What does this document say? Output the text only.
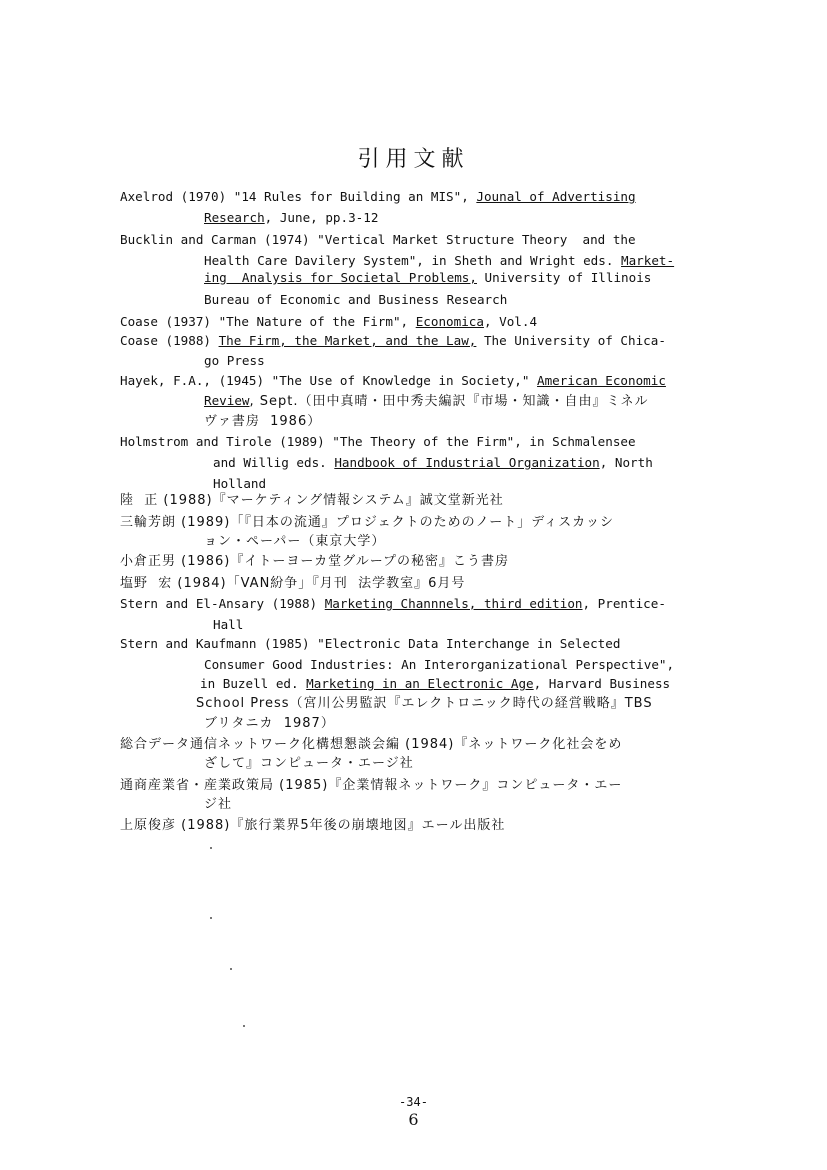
引用文献
Axelrod (1970) "14 Rules for Building an MIS", Jounal of Advertising
Research, June, pp.3-12
Bucklin and Carman (1974) "Vertical Market Structure Theory  and the
Health Care Davilery System", in Sheth and Wright eds. Market-
ing  Analysis for Societal Problems, University of Illinois
Bureau of Economic and Business Research
Coase (1937) "The Nature of the Firm", Economica, Vol.4
Coase (1988) The Firm, the Market, and the Law, The University of Chica-
go Press
Hayek, F.A., (1945) "The Use of Knowledge in Society," American Economic
Review, Sept.（田中真晴・田中秀夫編訳『市場・知識・自由』ミネル
ヴァ書房  1986）
Holmstrom and Tirole (1989) "The Theory of the Firm", in Schmalensee
and Willig eds. Handbook of Industrial Organization, North
Holland
陸  正 (1988)『マーケティング情報システム』誠文堂新光社
三輪芳朗 (1989)「『日本の流通』プロジェクトのためのノート」ディスカッシ
ョン・ペーパー（東京大学）
小倉正男 (1986)『イトーヨーカ堂グループの秘密』こう書房
塩野  宏 (1984)「VAN紛争」『月刊  法学教室』6月号
Stern and El-Ansary (1988) Marketing Channnels, third edition, Prentice-
Hall
Stern and Kaufmann (1985) "Electronic Data Interchange in Selected
Consumer Good Industries: An Interorganizational Perspective",
in Buzell ed. Marketing in an Electronic Age, Harvard Business
School Press（宮川公男監訳『エレクトロニック時代の経営戦略』TBS
ブリタニカ  1987）
総合データ通信ネットワーク化構想懇談会編 (1984)『ネットワーク化社会をめ
ざして』コンピュータ・エージ社
通商産業省・産業政策局 (1985)『企業情報ネットワーク』コンピュータ・エー
ジ社
上原俊彦 (1988)『旅行業界5年後の崩壊地図』エール出版社
-34-
6
